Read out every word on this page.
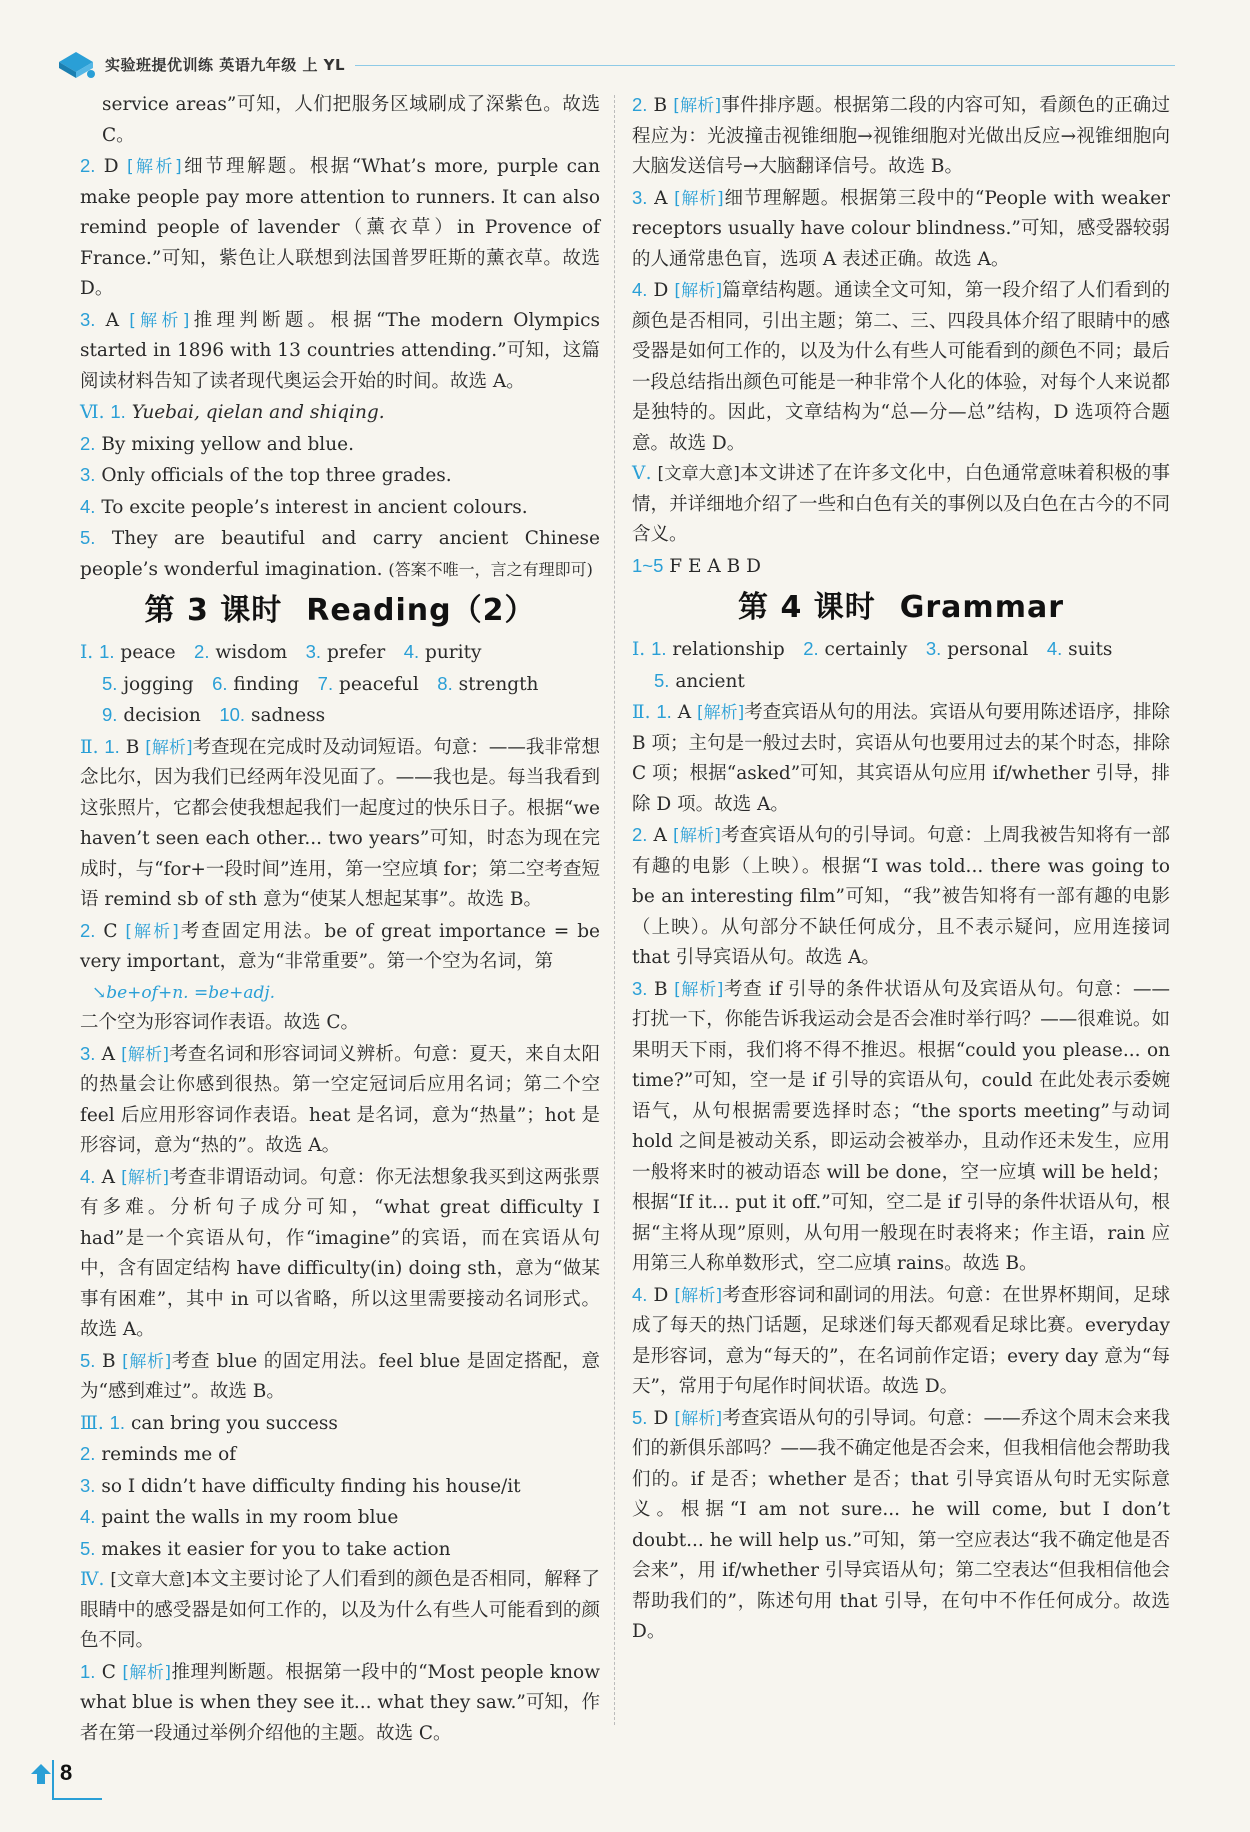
实验班提优训练 英语九年级 上 YL

service areas”可知，人们把服务区域刷成了深紫色。故选 C。

2. D [解析]细节理解题。根据“What’s more, purple can make people pay more attention to runners. It can also remind people of lavender（薰衣草）in Provence of France.”可知，紫色让人联想到法国普罗旺斯的薰衣草。故选 D。

3. A [解析]推理判断题。根据“The modern Olympics started in 1896 with 13 countries attending.”可知，这篇阅读材料告知了读者现代奥运会开始的时间。故选 A。

Ⅵ. 1. Yuebai, qielan and shiqing.

2. By mixing yellow and blue.

3. Only officials of the top three grades.

4. To excite people’s interest in ancient colours.

5. They are beautiful and carry ancient Chinese people’s wonderful imagination. (答案不唯一，言之有理即可)

第 3 课时 Reading（2）

Ⅰ. 1. peace  2. wisdom  3. prefer  4. purity 

5. jogging  6. finding  7. peaceful  8. strength 

9. decision  10. sadness 

Ⅱ. 1. B [解析]考查现在完成时及动词短语。句意：——我非常想念比尔，因为我们已经两年没见面了。——我也是。每当我看到这张照片，它都会使我想起我们一起度过的快乐日子。根据“we haven’t seen each other... two years”可知，时态为现在完成时，与“for+一段时间”连用，第一空应填 for；第二空考查短语 remind sb of sth 意为“使某人想起某事”。故选 B。

2. C [解析]考查固定用法。be of great importance = be very important，意为“非常重要”。第一个空为名词，第
↘be+of+n. =be+adj.
二个空为形容词作表语。故选 C。

3. A [解析]考查名词和形容词词义辨析。句意：夏天，来自太阳的热量会让你感到很热。第一空定冠词后应用名词；第二个空 feel 后应用形容词作表语。heat 是名词，意为“热量”；hot 是形容词，意为“热的”。故选 A。

4. A [解析]考查非谓语动词。句意：你无法想象我买到这两张票有多难。分析句子成分可知，“what great difficulty I had”是一个宾语从句，作“imagine”的宾语，而在宾语从句中，含有固定结构 have difficulty(in) doing sth，意为“做某事有困难”，其中 in 可以省略，所以这里需要接动名词形式。故选 A。

5. B [解析]考查 blue 的固定用法。feel blue 是固定搭配，意为“感到难过”。故选 B。

Ⅲ. 1. can bring you success

2. reminds me of

3. so I didn’t have difficulty finding his house/it

4. paint the walls in my room blue

5. makes it easier for you to take action

Ⅳ. [文章大意]本文主要讨论了人们看到的颜色是否相同，解释了眼睛中的感受器是如何工作的，以及为什么有些人可能看到的颜色不同。

1. C [解析]推理判断题。根据第一段中的“Most people know what blue is when they see it... what they saw.”可知，作者在第一段通过举例介绍他的主题。故选 C。

2. B [解析]事件排序题。根据第二段的内容可知，看颜色的正确过程应为：光波撞击视锥细胞→视锥细胞对光做出反应→视锥细胞向大脑发送信号→大脑翻译信号。故选 B。

3. A [解析]细节理解题。根据第三段中的“People with weaker receptors usually have colour blindness.”可知，感受器较弱的人通常患色盲，选项 A 表述正确。故选 A。

4. D [解析]篇章结构题。通读全文可知，第一段介绍了人们看到的颜色是否相同，引出主题；第二、三、四段具体介绍了眼睛中的感受器是如何工作的，以及为什么有些人可能看到的颜色不同；最后一段总结指出颜色可能是一种非常个人化的体验，对每个人来说都是独特的。因此，文章结构为“总—分—总”结构，D 选项符合题意。故选 D。

Ⅴ. [文章大意]本文讲述了在许多文化中，白色通常意味着积极的事情，并详细地介绍了一些和白色有关的事例以及白色在古今的不同含义。

1~5 F E A B D

第 4 课时 Grammar

Ⅰ. 1. relationship  2. certainly  3. personal  4. suits 

5. ancient 

Ⅱ. 1. A [解析]考查宾语从句的用法。宾语从句要用陈述语序，排除 B 项；主句是一般过去时，宾语从句也要用过去的某个时态，排除 C 项；根据“asked”可知，其宾语从句应用 if/whether 引导，排除 D 项。故选 A。

2. A [解析]考查宾语从句的引导词。句意：上周我被告知将有一部有趣的电影（上映）。根据“I was told... there was going to be an interesting film”可知，“我”被告知将有一部有趣的电影（上映）。从句部分不缺任何成分，且不表示疑问，应用连接词 that 引导宾语从句。故选 A。

3. B [解析]考查 if 引导的条件状语从句及宾语从句。句意：——打扰一下，你能告诉我运动会是否会准时举行吗？——很难说。如果明天下雨，我们将不得不推迟。根据“could you please... on time?”可知，空一是 if 引导的宾语从句，could 在此处表示委婉语气，从句根据需要选择时态；“the sports meeting”与动词 hold 之间是被动关系，即运动会被举办，且动作还未发生，应用一般将来时的被动语态 will be done，空一应填 will be held；根据“If it... put it off.”可知，空二是 if 引导的条件状语从句，根据“主将从现”原则，从句用一般现在时表将来；作主语，rain 应用第三人称单数形式，空二应填 rains。故选 B。

4. D [解析]考查形容词和副词的用法。句意：在世界杯期间，足球成了每天的热门话题，足球迷们每天都观看足球比赛。everyday 是形容词，意为“每天的”，在名词前作定语；every day 意为“每天”，常用于句尾作时间状语。故选 D。

5. D [解析]考查宾语从句的引导词。句意：——乔这个周末会来我们的新俱乐部吗？——我不确定他是否会来，但我相信他会帮助我们的。if 是否；whether 是否；that 引导宾语从句时无实际意义。根据“I am not sure... he will come, but I don’t doubt... he will help us.”可知，第一空应表达“我不确定他是否会来”，用 if/whether 引导宾语从句；第二空表达“但我相信他会帮助我们的”，陈述句用 that 引导，在句中不作任何成分。故选 D。

8
